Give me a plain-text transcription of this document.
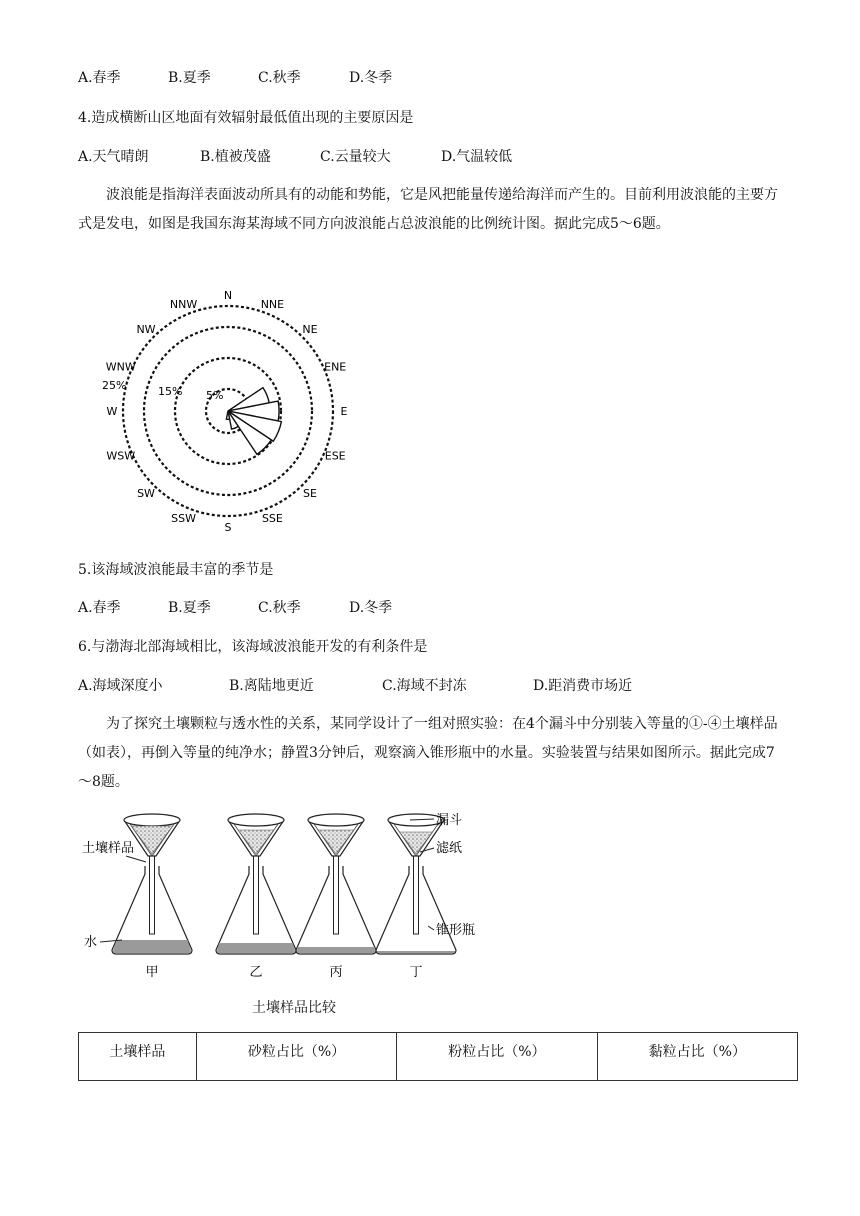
A.春季	B.夏季	C.秋季	D.冬季
4.造成横断山区地面有效辐射最低值出现的主要原因是
A.天气晴朗	B.植被茂盛	C.云量较大	D.气温较低
波浪能是指海洋表面波动所具有的动能和势能，它是风把能量传递给海洋而产生的。目前利用波浪能的主要方式是发电，如图是我国东海某海域不同方向波浪能占总波浪能的比例统计图。据此完成5～6题。
N
NNE
NE
ENE
E
ESE
SE
SSE
S
SSW
SW
WSW
W
WNW
NW
NNW
5%
15%
25%
5.该海域波浪能最丰富的季节是
A.春季	B.夏季	C.秋季	D.冬季
6.与渤海北部海域相比，该海域波浪能开发的有利条件是
A.海域深度小	B.离陆地更近	C.海域不封冻	D.距消费市场近
为了探究土壤颗粒与透水性的关系，某同学设计了一组对照实验：在4个漏斗中分别装入等量的①-④土壤样品（如表），再倒入等量的纯净水；静置3分钟后，观察滴入锥形瓶中的水量。实验装置与结果如图所示。据此完成7～8题。
甲	乙	丙	丁
土壤样品
水
漏斗
滤纸
锥形瓶
土壤样品比较
土壤样品	砂粒占比（%）	粉粒占比（%）	黏粒占比（%）
